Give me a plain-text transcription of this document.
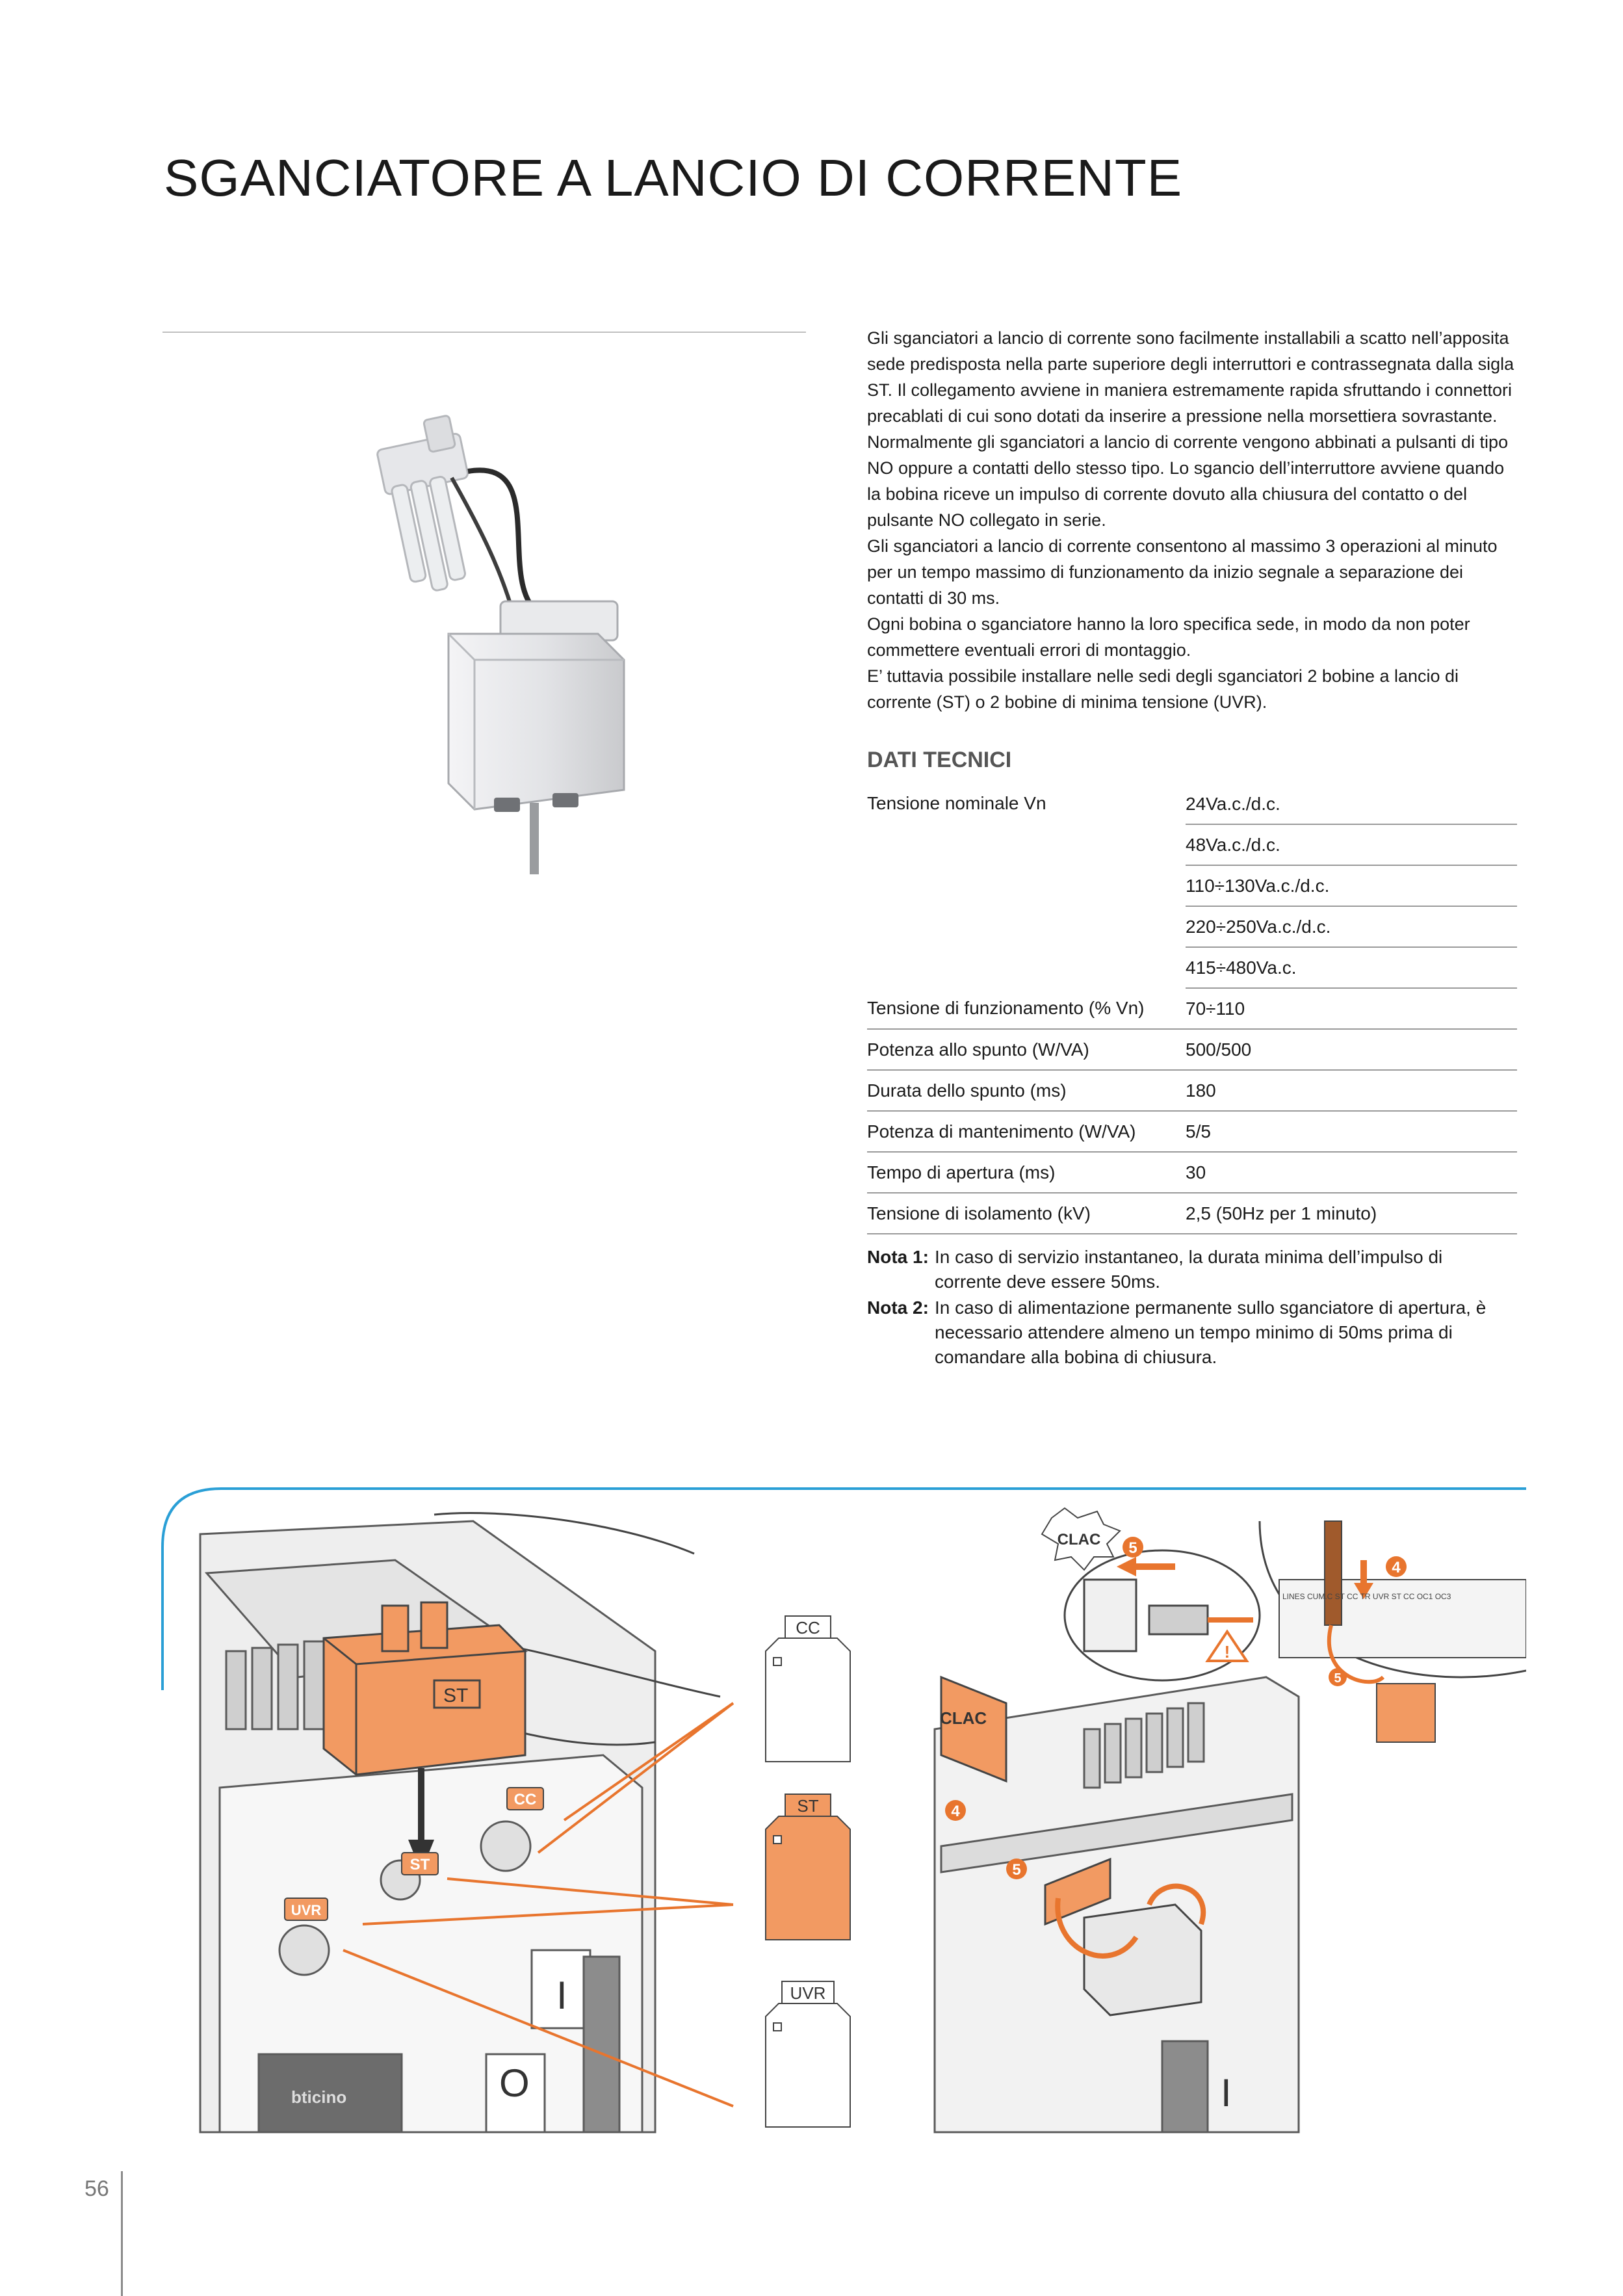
SGANCIATORE A LANCIO DI CORRENTE

Gli sganciatori a lancio di corrente sono facilmente installabili a scatto nell’apposita sede predisposta nella parte superiore degli interruttori e contrassegnata dalla sigla ST. Il collegamento avviene in maniera estremamente rapida sfruttando i connettori precablati di cui sono dotati da inserire a pressione nella morsettiera sovrastante.

Normalmente gli sganciatori a lancio di corrente vengono abbinati a pulsanti di tipo NO oppure a contatti dello stesso tipo. Lo sgancio dell’interruttore avviene quando la bobina riceve un impulso di corrente dovuto alla chiusura del contatto o del pulsante NO collegato in serie.

Gli sganciatori a lancio di corrente consentono al massimo 3 operazioni al minuto per un tempo massimo di funzionamento da inizio segnale a separazione dei contatti di 30 ms.

Ogni bobina o sganciatore hanno la loro specifica sede, in modo da non poter commettere eventuali errori di montaggio.

E’ tuttavia possibile installare nelle sedi degli sganciatori 2 bobine a lancio di corrente (ST) o 2 bobine di minima tensione (UVR).

DATI TECNICI
Tensione nominale Vn	24Va.c./d.c.
	48Va.c./d.c.
	110÷130Va.c./d.c.
	220÷250Va.c./d.c.
	415÷480Va.c.
Tensione di funzionamento (% Vn)	70÷110
Potenza allo spunto (W/VA)	500/500
Durata dello spunto (ms)	180
Potenza di mantenimento (W/VA)	5/5
Tempo di apertura (ms)	30
Tensione di isolamento (kV)	2,5 (50Hz per 1 minuto)
Nota 1: In caso di servizio instantaneo, la durata minima dell’impulso di corrente deve essere 50ms.
Nota 2: In caso di alimentazione permanente sullo sganciatore di apertura, è necessario attendere almeno un tempo minimo di 50ms prima di comandare alla bobina di chiusura.
I
O
bticino
ST
CC
ST
UVR
CC
ST
UVR
I
CLAC
!
CLAC 5
4
4
5
5
LINES CUM.C ST CC TR UVR ST CC OC1 OC3
56
